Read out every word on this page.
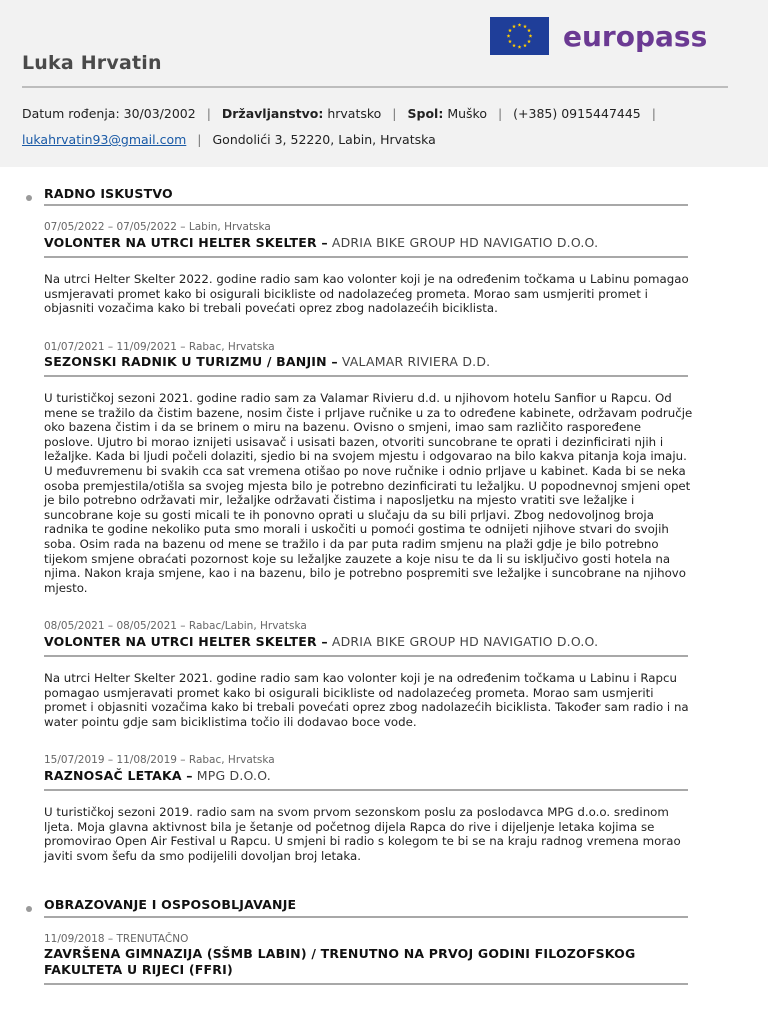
europass
Luka Hrvatin
Datum rođenja: 30/03/2002 | Državljanstvo: hrvatsko | Spol: Muško | (+385) 0915447445 |
lukahrvatin93@gmail.com | Gondolići 3, 52220, Labin, Hrvatska
RADNO ISKUSTVO
07/05/2022 – 07/05/2022 – Labin, Hrvatska
VOLONTER NA UTRCI HELTER SKELTER – ADRIA BIKE GROUP HD NAVIGATIO D.O.O.
Na utrci Helter Skelter 2022. godine radio sam kao volonter koji je na određenim točkama u Labinu pomagao usmjeravati promet kako bi osigurali bicikliste od nadolazećeg prometa. Morao sam usmjeriti promet i objasniti vozačima kako bi trebali povećati oprez zbog nadolazećih biciklista.
01/07/2021 – 11/09/2021 – Rabac, Hrvatska
SEZONSKI RADNIK U TURIZMU / BANJIN – VALAMAR RIVIERA D.D.
U turističkoj sezoni 2021. godine radio sam za Valamar Rivieru d.d. u njihovom hotelu Sanfior u Rapcu. Od mene se tražilo da čistim bazene, nosim čiste i prljave ručnike u za to određene kabinete, održavam područje oko bazena čistim i da se brinem o miru na bazenu. Ovisno o smjeni, imao sam različito raspoređene poslove. Ujutro bi morao iznijeti usisavač i usisati bazen, otvoriti suncobrane te oprati i dezinficirati njih i ležaljke. Kada bi ljudi počeli dolaziti, sjedio bi na svojem mjestu i odgovarao na bilo kakva pitanja koja imaju. U međuvremenu bi svakih cca sat vremena otišao po nove ručnike i odnio prljave u kabinet. Kada bi se neka osoba premjestila/otišla sa svojeg mjesta bilo je potrebno dezinficirati tu ležaljku. U popodnevnoj smjeni opet je bilo potrebno održavati mir, ležaljke održavati čistima i naposljetku na mjesto vratiti sve ležaljke i suncobrane koje su gosti micali te ih ponovno oprati u slučaju da su bili prljavi. Zbog nedovoljnog broja radnika te godine nekoliko puta smo morali i uskočiti u pomoći gostima te odnijeti njihove stvari do svojih soba. Osim rada na bazenu od mene se tražilo i da par puta radim smjenu na plaži gdje je bilo potrebno tijekom smjene obraćati pozornost koje su ležaljke zauzete a koje nisu te da li su isključivo gosti hotela na njima. Nakon kraja smjene, kao i na bazenu, bilo je potrebno pospremiti sve ležaljke i suncobrane na njihovo mjesto.
08/05/2021 – 08/05/2021 – Rabac/Labin, Hrvatska
VOLONTER NA UTRCI HELTER SKELTER – ADRIA BIKE GROUP HD NAVIGATIO D.O.O.
Na utrci Helter Skelter 2021. godine radio sam kao volonter koji je na određenim točkama u Labinu i Rapcu pomagao usmjeravati promet kako bi osigurali bicikliste od nadolazećeg prometa. Morao sam usmjeriti promet i objasniti vozačima kako bi trebali povećati oprez zbog nadolazećih biciklista. Također sam radio i na water pointu gdje sam biciklistima točio ili dodavao boce vode.
15/07/2019 – 11/08/2019 – Rabac, Hrvatska
RAZNOSAČ LETAKA – MPG D.O.O.
U turističkoj sezoni 2019. radio sam na svom prvom sezonskom poslu za poslodavca MPG d.o.o. sredinom ljeta. Moja glavna aktivnost bila je šetanje od početnog dijela Rapca do rive i dijeljenje letaka kojima se promovirao Open Air Festival u Rapcu. U smjeni bi radio s kolegom te bi se na kraju radnog vremena morao javiti svom šefu da smo podijelili dovoljan broj letaka.
OBRAZOVANJE I OSPOSOBLJAVANJE
11/09/2018 – TRENUTAČNO
ZAVRŠENA GIMNAZIJA (SŠMB LABIN) / TRENUTNO NA PRVOJ GODINI FILOZOFSKOG
FAKULTETA U RIJECI (FFRI)
